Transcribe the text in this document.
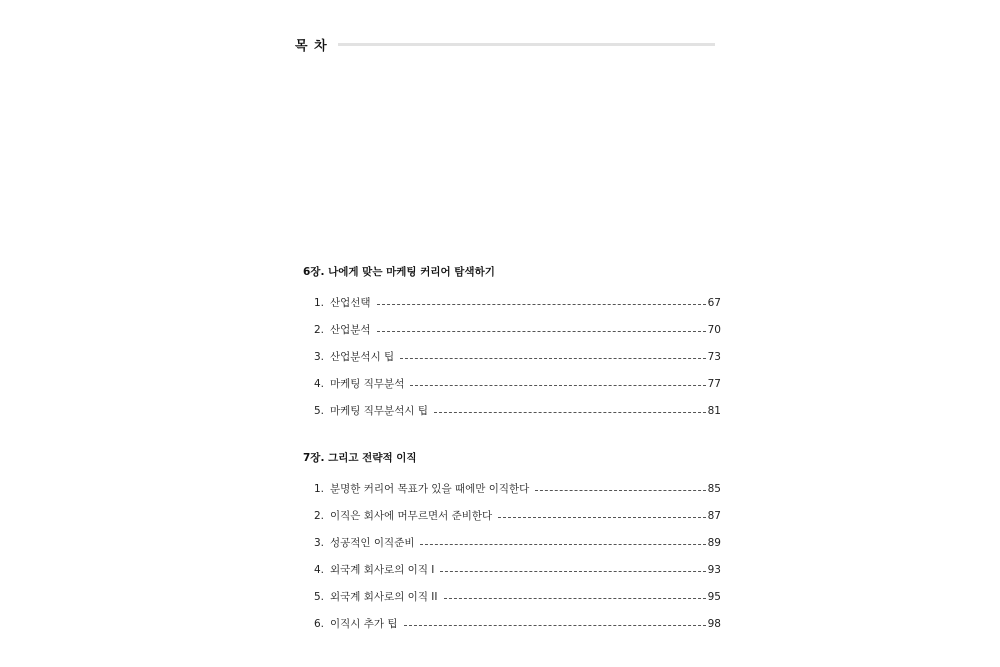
목 차
6장. 나에게 맞는 마케팅 커리어 탐색하기
1. 산업선택	67
2. 산업분석	70
3. 산업분석시 팁	73
4. 마케팅 직무분석	77
5. 마케팅 직무분석시 팁	81
7장. 그리고 전략적 이직
1. 분명한 커리어 목표가 있을 때에만 이직한다	85
2. 이직은 회사에 머무르면서 준비한다	87
3. 성공적인 이직준비	89
4. 외국계 회사로의 이직 I	93
5. 외국계 회사로의 이직 II	95
6. 이직시 추가 팁	98
